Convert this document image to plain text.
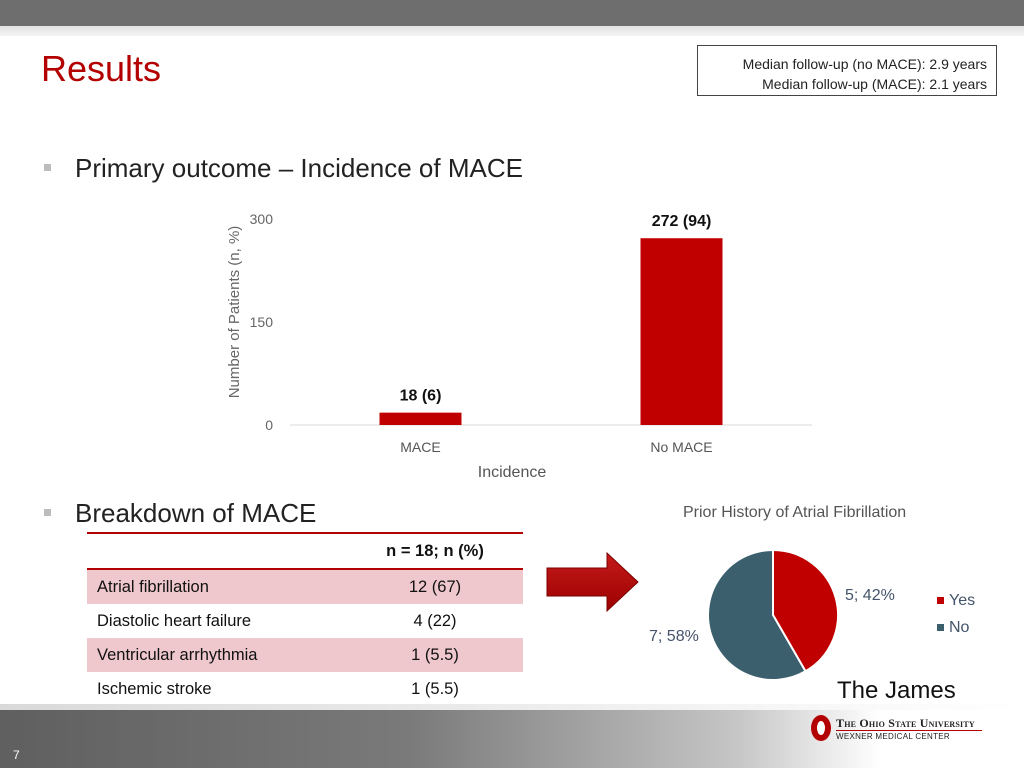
Results	Median follow-up (no MACE): 2.9 years
Median follow-up (MACE): 2.1 years
Primary outcome – Incidence of MACE
Number of Patients (n, %)
0
150
300
18 (6)
MACE
272 (94)
No MACE
Incidence
Breakdown of MACE
	n = 18; n (%)
Atrial fibrillation	12 (67)
Diastolic heart failure	4 (22)
Ventricular arrhythmia	1 (5.5)
Ischemic stroke	1 (5.5)
Prior History of Atrial Fibrillation
5; 42%
7; 58%
Yes
No
The James
7
The Ohio State University
WEXNER MEDICAL CENTER
